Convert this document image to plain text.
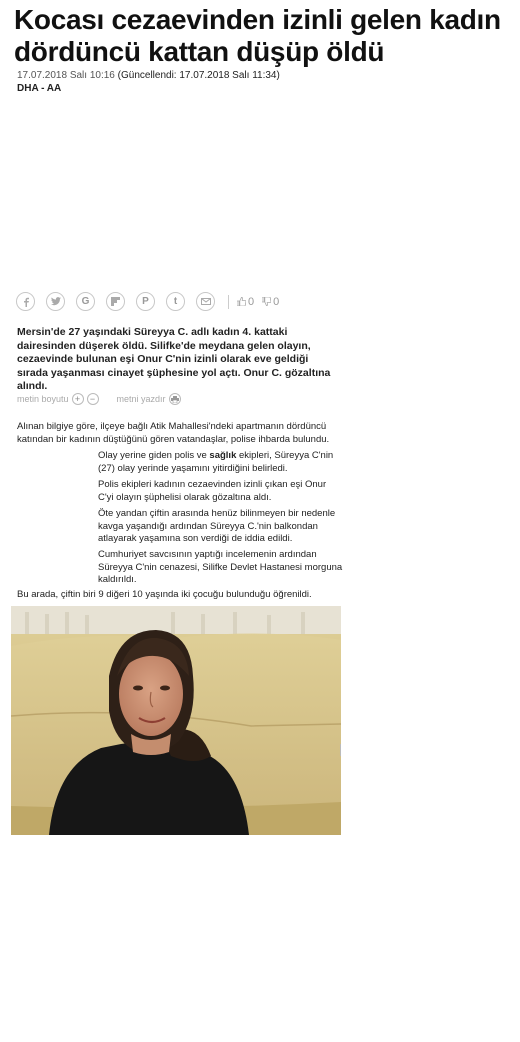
Kocası cezaevinden izinli gelen kadın dördüncü kattan düşüp öldü
17.07.2018 Salı 10:16 (Güncellendi: 17.07.2018 Salı 11:34)
DHA - AA
G	P	t	0 0

Mersin'de 27 yaşındaki Süreyya C. adlı kadın 4. kattaki dairesinden düşerek öldü. Silifke'de meydana gelen olayın, cezaevinde bulunan eşi Onur C'nin izinli olarak eve geldiği sırada yaşanması cinayet şüphesine yol açtı. Onur C. gözaltına alındı.

metin boyutu +	−	metni yazdır

Alınan bilgiye göre, ilçeye bağlı Atik Mahallesi'ndeki apartmanın dördüncü katından bir kadının düştüğünü gören vatandaşlar, polise ihbarda bulundu.

Olay yerine giden polis ve sağlık ekipleri, Süreyya C'nin (27) olay yerinde yaşamını yitirdiğini belirledi.

Polis ekipleri kadının cezaevinden izinli çıkan eşi Onur C'yi olayın şüphelisi olarak gözaltına aldı.

Öte yandan çiftin arasında henüz bilinmeyen bir nedenle kavga yaşandığı ardından Süreyya C.'nin balkondan atlayarak yaşamına son verdiği de iddia edildi.

Cumhuriyet savcısının yaptığı incelemenin ardından Süreyya C'nin cenazesi, Silifke Devlet Hastanesi morguna kaldırıldı.

Bu arada, çiftin biri 9 diğeri 10 yaşında iki çocuğu bulunduğu öğrenildi.
